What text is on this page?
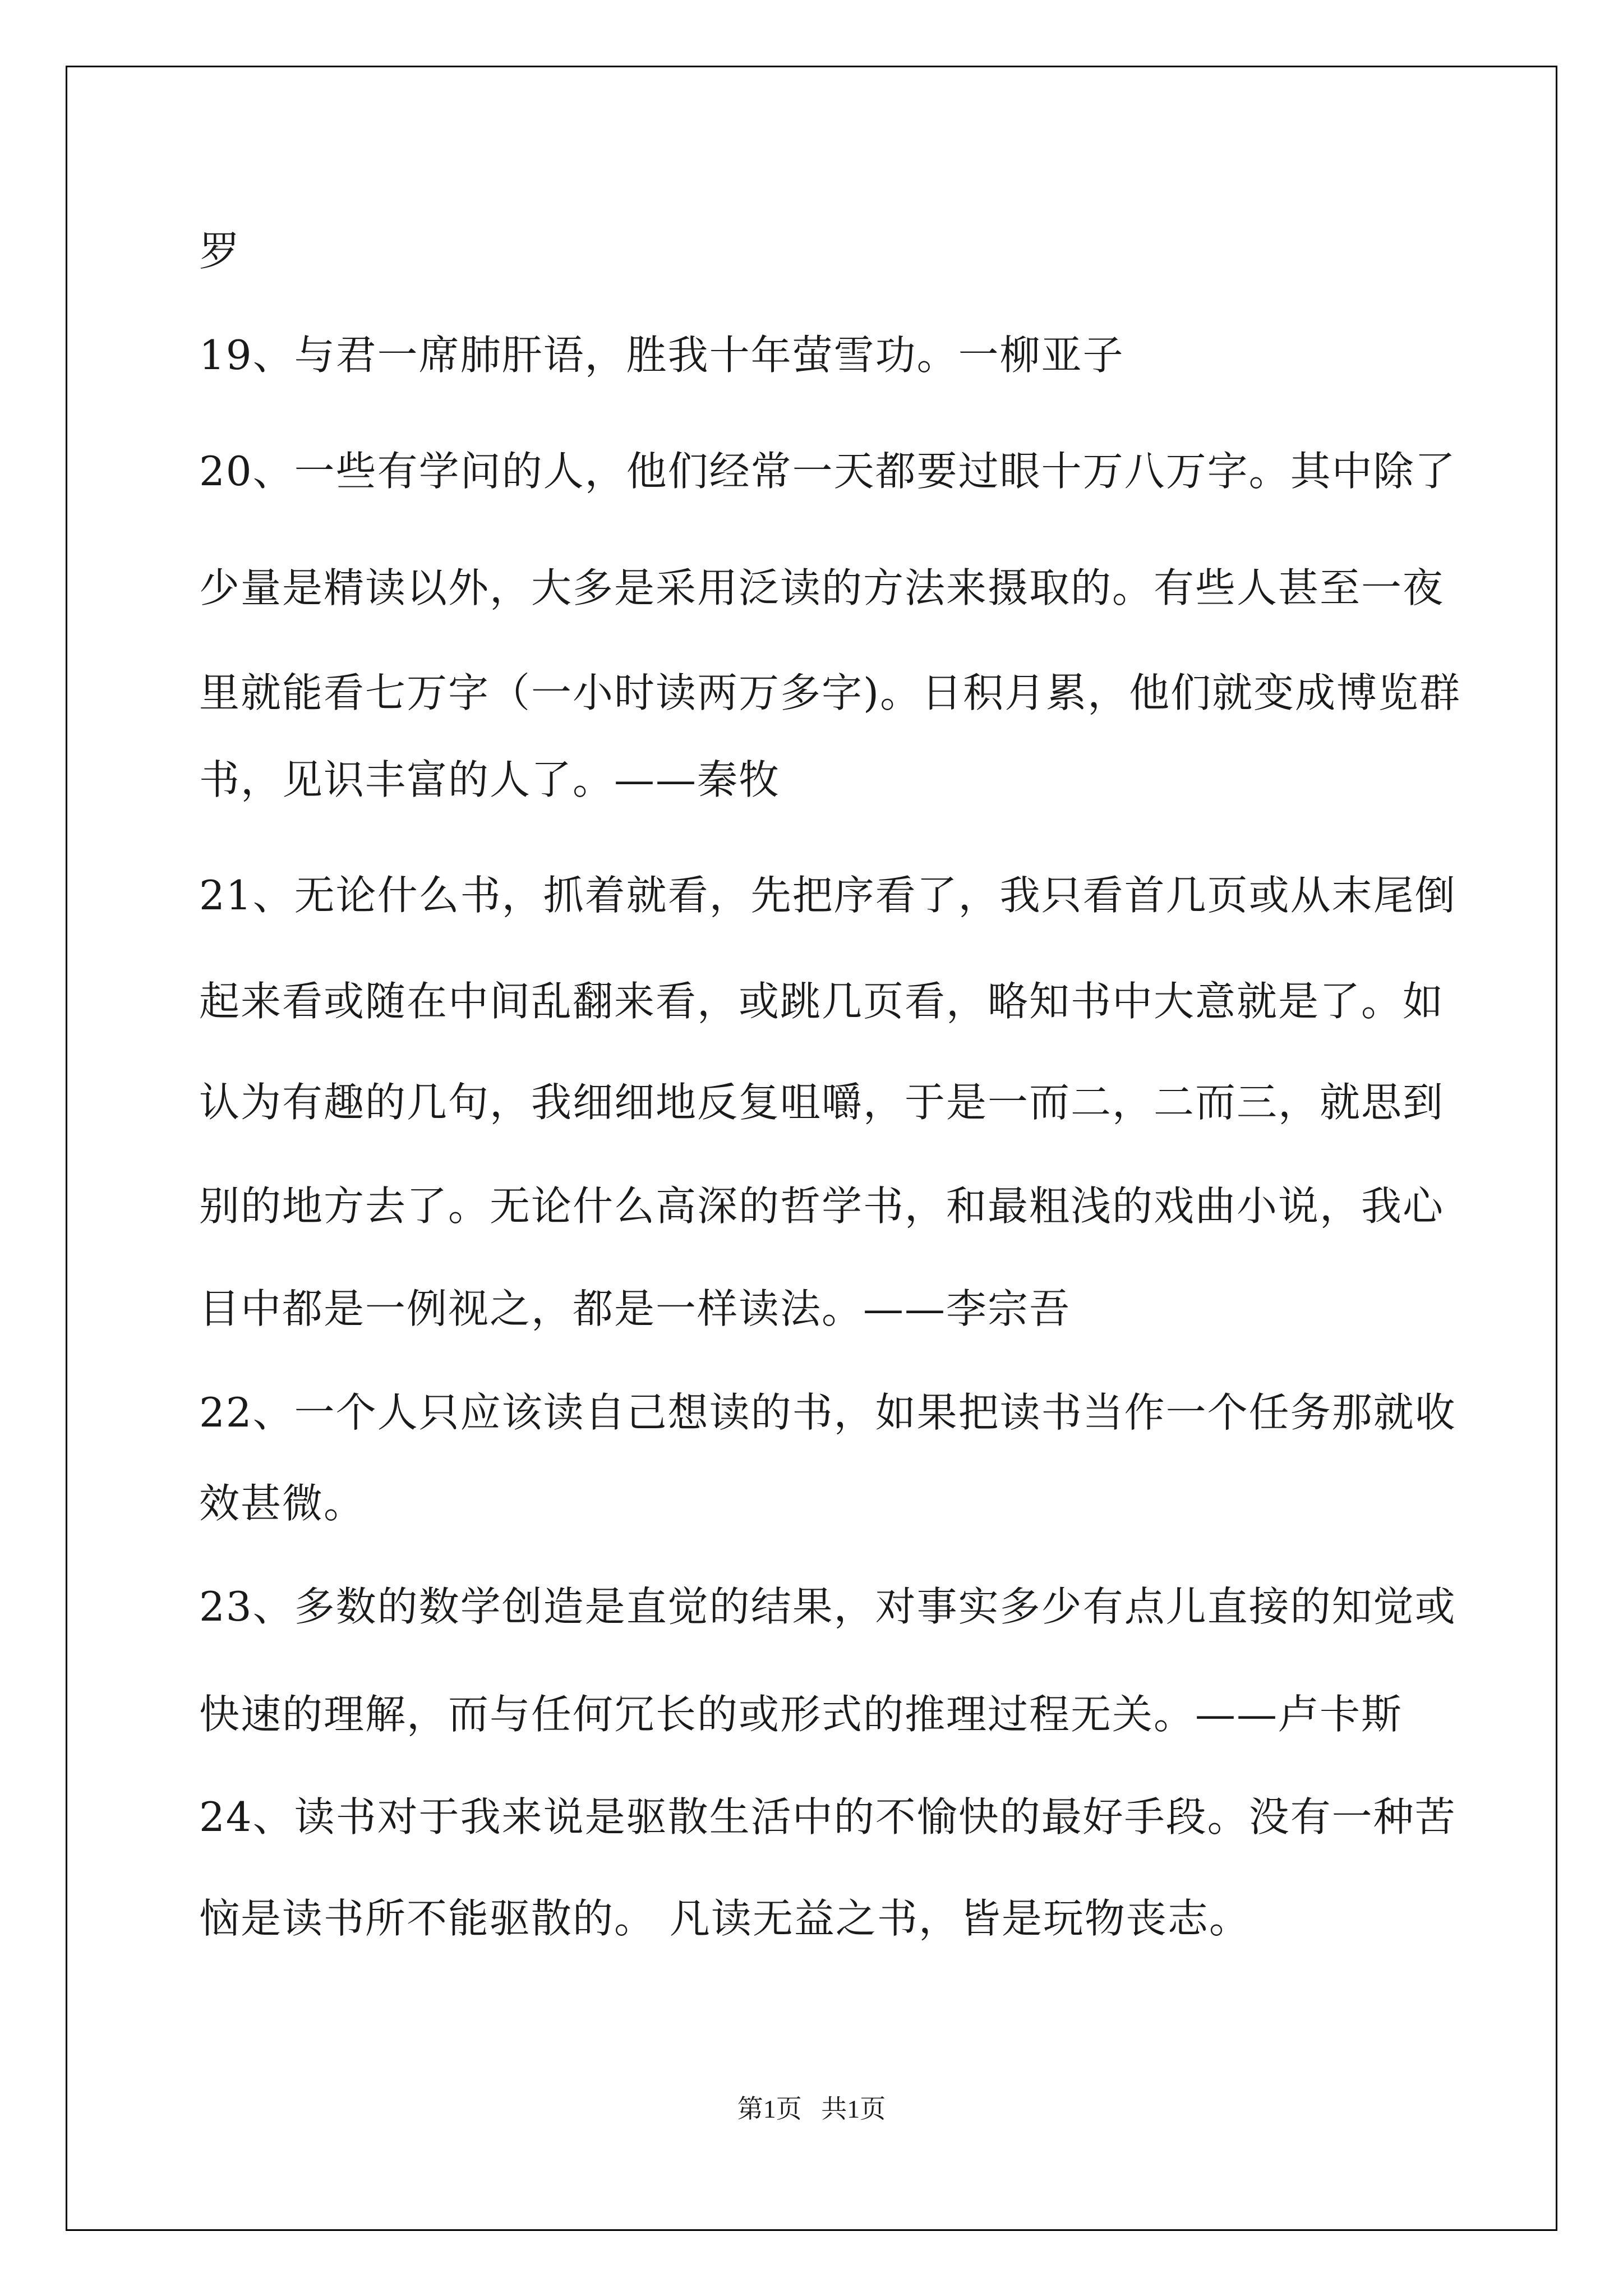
罗

19、与君一席肺肝语，胜我十年萤雪功。一柳亚子

20、一些有学问的人，他们经常一天都要过眼十万八万字。其中除了

少量是精读以外，大多是采用泛读的方法来摄取的。有些人甚至一夜

里就能看七万字（一小时读两万多字)。日积月累，他们就变成博览群

书，见识丰富的人了。——秦牧

21、无论什么书，抓着就看，先把序看了，我只看首几页或从末尾倒

起来看或随在中间乱翻来看，或跳几页看，略知书中大意就是了。如

认为有趣的几句，我细细地反复咀嚼，于是一而二，二而三，就思到

别的地方去了。无论什么高深的哲学书，和最粗浅的戏曲小说，我心

目中都是一例视之，都是一样读法。——李宗吾

22、一个人只应该读自己想读的书，如果把读书当作一个任务那就收

效甚微。

23、多数的数学创造是直觉的结果，对事实多少有点儿直接的知觉或

快速的理解，而与任何冗长的或形式的推理过程无关。——卢卡斯

24、读书对于我来说是驱散生活中的不愉快的最好手段。没有一种苦

恼是读书所不能驱散的。 凡读无益之书，皆是玩物丧志。

第1页   共1页
